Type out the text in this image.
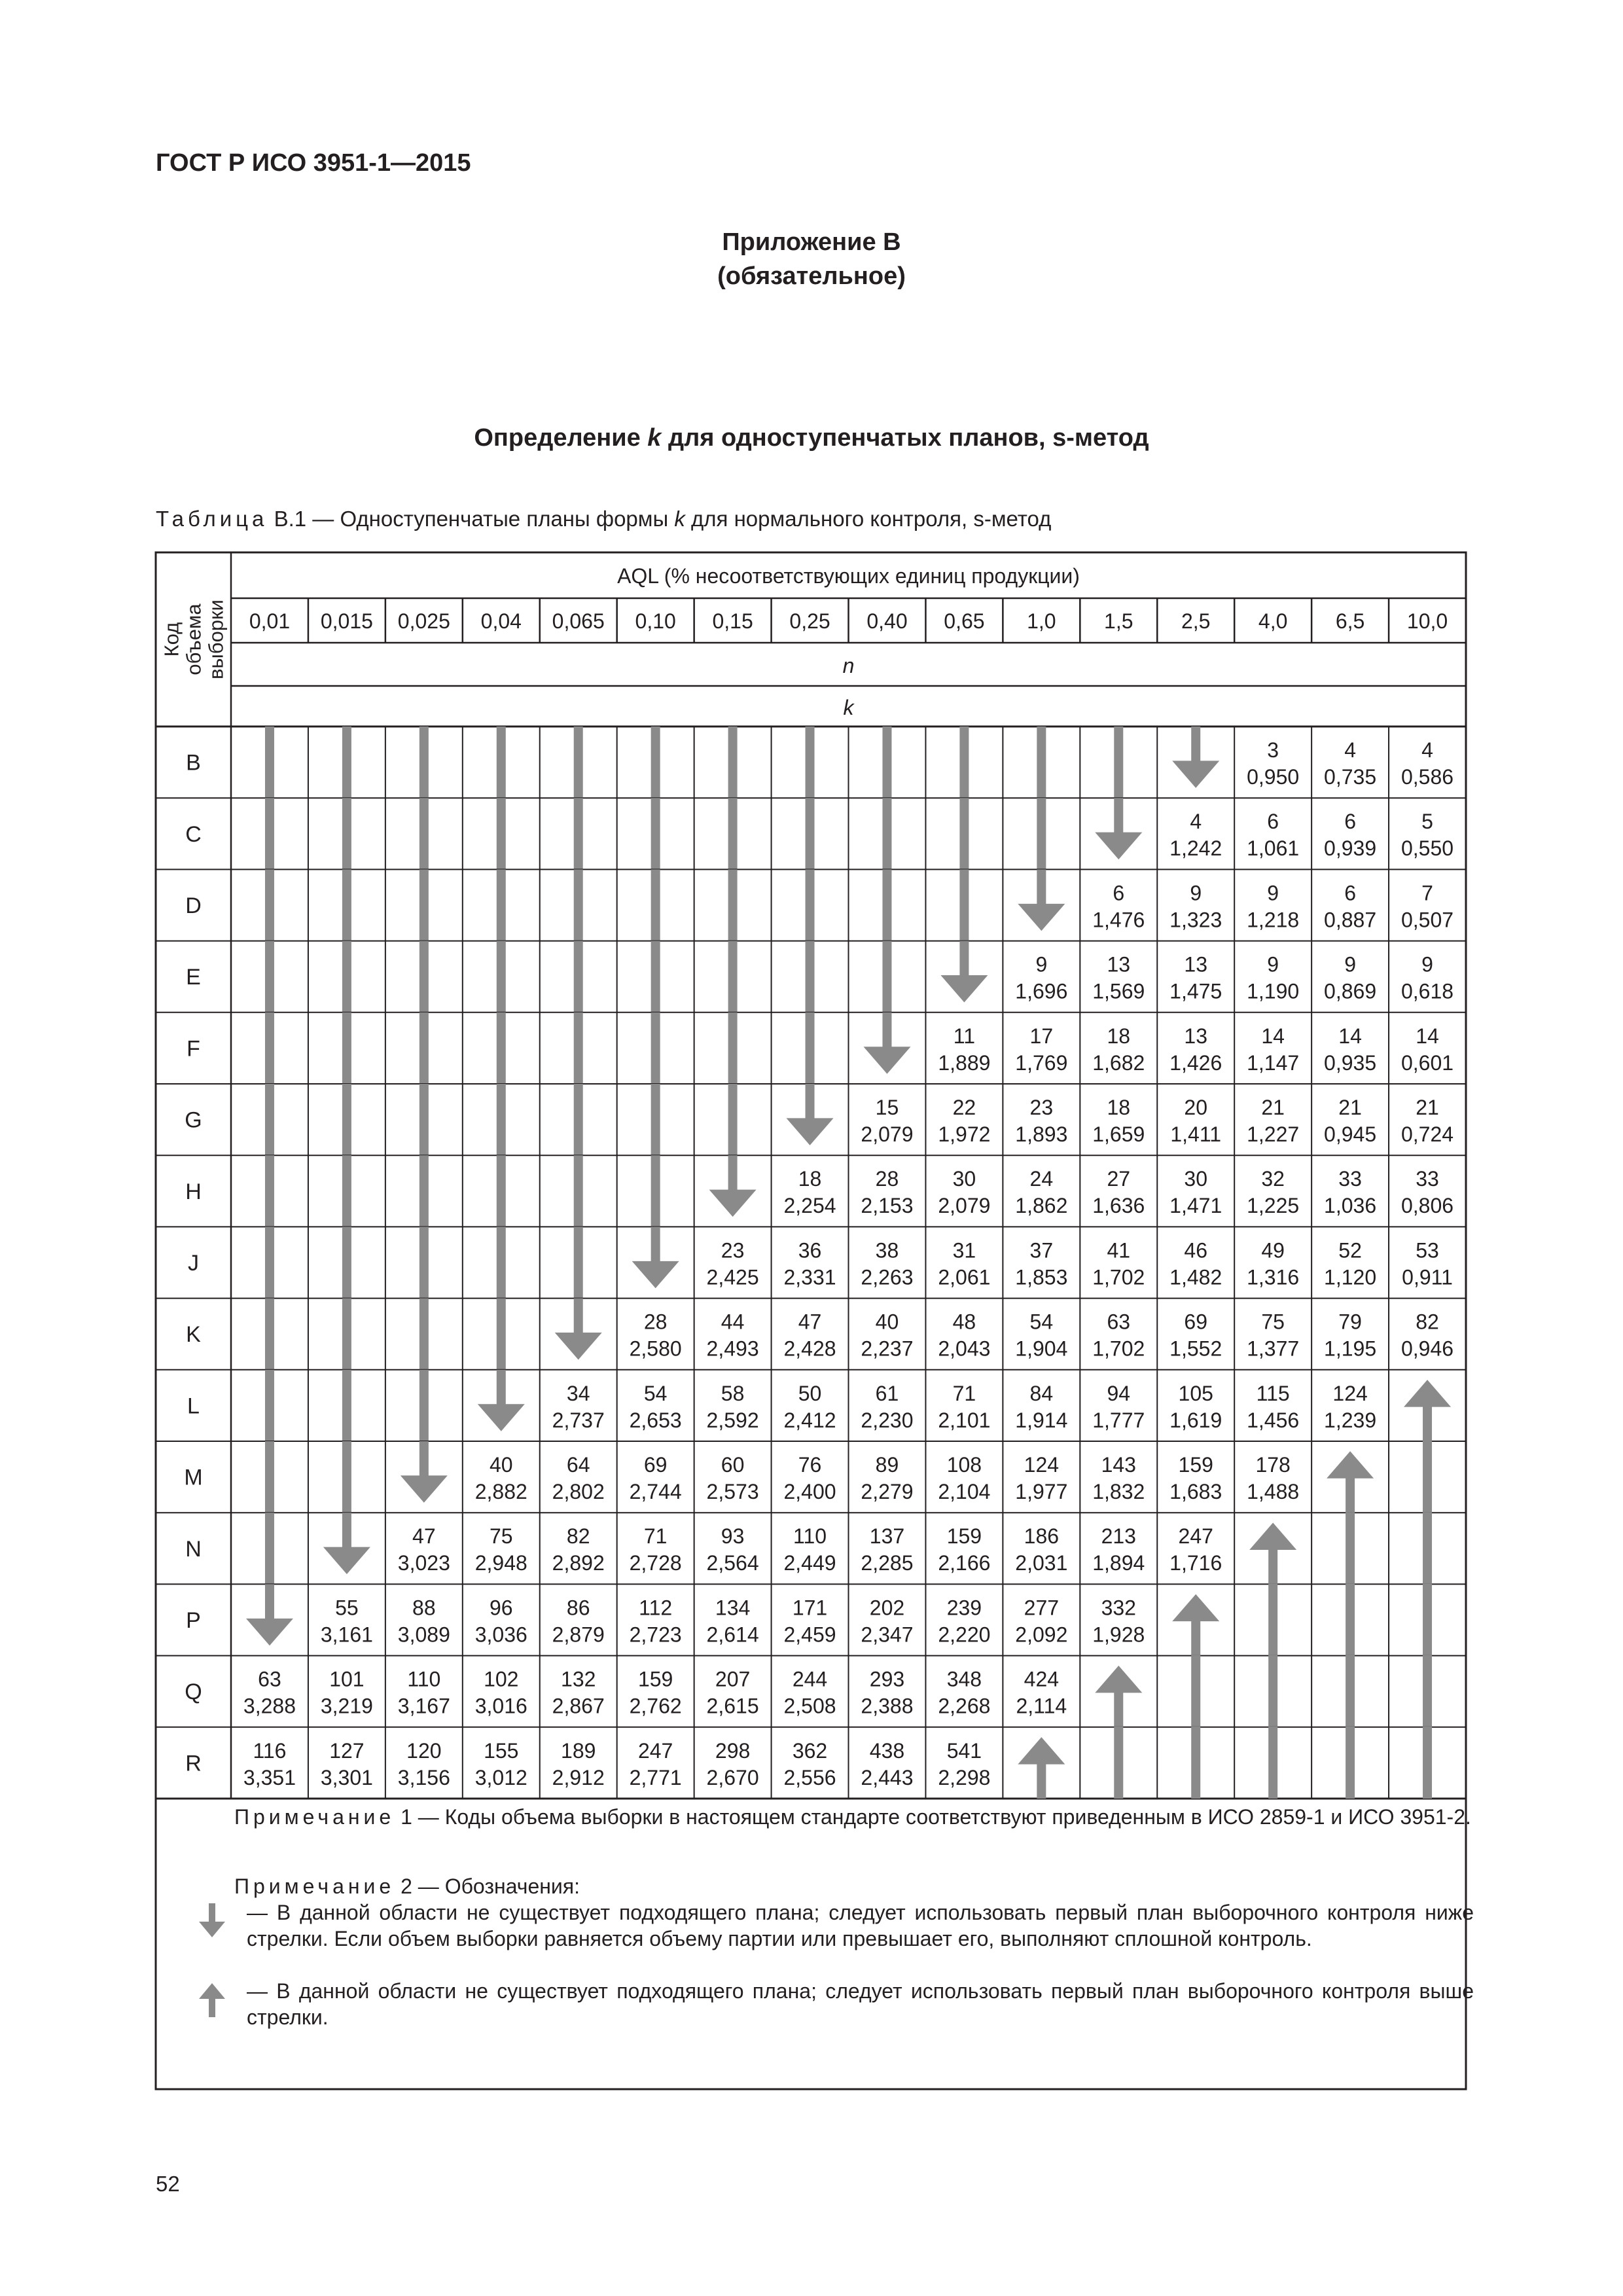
ГОСТ Р ИСО 3951-1—2015
Приложение В
(обязательное)
Определение k для одноступенчатых планов, s-метод
Таблица В.1 — Одноступенчатые планы формы k для нормального контроля, s-метод
AQL (% несоответствующих единиц продукции)
0,01 0,015 0,025 0,04 0,065 0,10 0,15 0,25 0,40 0,65 1,0 1,5 2,5 4,0 6,5 10,0
n
k
Код объема выборки
B
3
0,950
4
0,735
4
0,586
C
4
1,242
6
1,061
6
0,939
5
0,550
D
6
1,476
9
1,323
9
1,218
6
0,887
7
0,507
E
9
1,696
13
1,569
13
1,475
9
1,190
9
0,869
9
0,618
F
11
1,889
17
1,769
18
1,682
13
1,426
14
1,147
14
0,935
14
0,601
G
15
2,079
22
1,972
23
1,893
18
1,659
20
1,411
21
1,227
21
0,945
21
0,724
H
18
2,254
28
2,153
30
2,079
24
1,862
27
1,636
30
1,471
32
1,225
33
1,036
33
0,806
J
23
2,425
36
2,331
38
2,263
31
2,061
37
1,853
41
1,702
46
1,482
49
1,316
52
1,120
53
0,911
K
28
2,580
44
2,493
47
2,428
40
2,237
48
2,043
54
1,904
63
1,702
69
1,552
75
1,377
79
1,195
82
0,946
L
34
2,737
54
2,653
58
2,592
50
2,412
61
2,230
71
2,101
84
1,914
94
1,777
105
1,619
115
1,456
124
1,239
M
40
2,882
64
2,802
69
2,744
60
2,573
76
2,400
89
2,279
108
2,104
124
1,977
143
1,832
159
1,683
178
1,488
N
47
3,023
75
2,948
82
2,892
71
2,728
93
2,564
110
2,449
137
2,285
159
2,166
186
2,031
213
1,894
247
1,716
P
55
3,161
88
3,089
96
3,036
86
2,879
112
2,723
134
2,614
171
2,459
202
2,347
239
2,220
277
2,092
332
1,928
Q
63
3,288
101
3,219
110
3,167
102
3,016
132
2,867
159
2,762
207
2,615
244
2,508
293
2,388
348
2,268
424
2,114
R
116
3,351
127
3,301
120
3,156
155
3,012
189
2,912
247
2,771
298
2,670
362
2,556
438
2,443
541
2,298
Примечание 1 — Коды объема выборки в настоящем стандарте соответствуют приведенным в ИСО 2859-1 и ИСО 3951-2.
Примечание 2 — Обозначения:
— В данной области не существует подходящего плана; следует использовать первый план выборочного контроля ниже стрелки. Если объем выборки равняется объему партии или превышает его, выполняют сплошной контроль.
— В данной области не существует подходящего плана; следует использовать первый план выборочного контроля выше стрелки.
52
